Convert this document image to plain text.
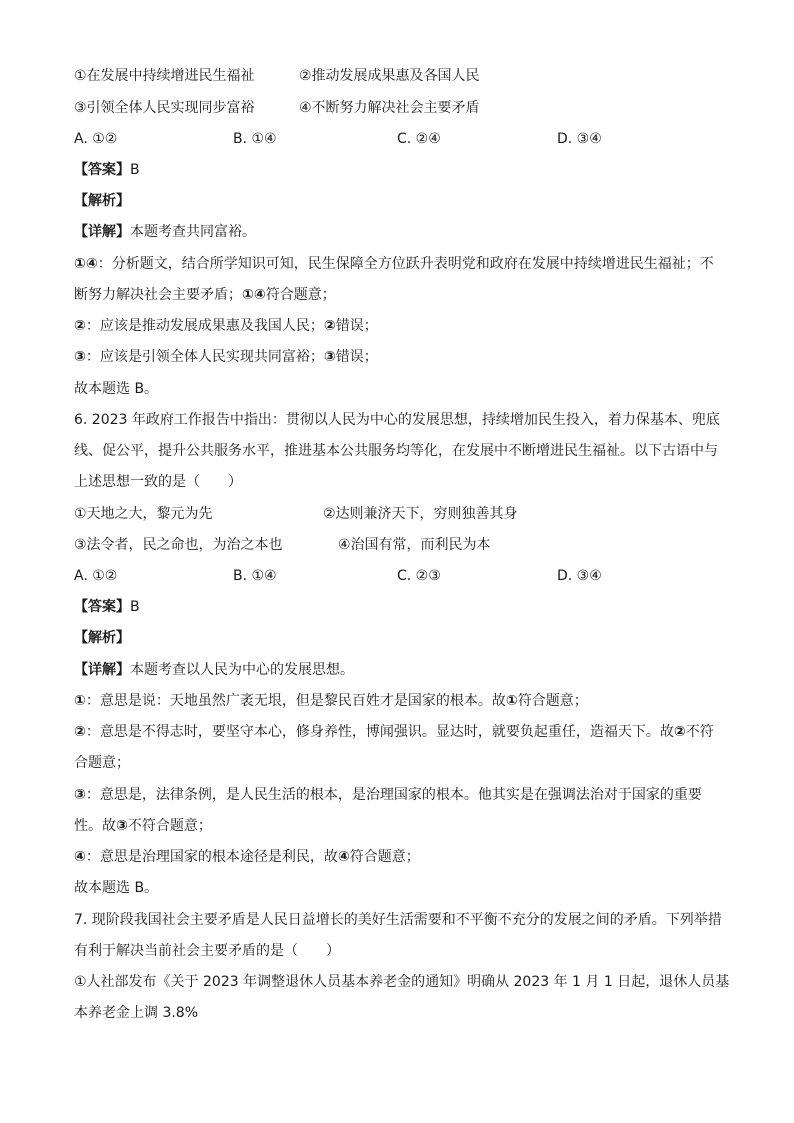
①在发展中持续增进民生福祉	②推动发展成果惠及各国人民
③引领全体人民实现同步富裕	④不断努力解决社会主要矛盾
A. ①②	B. ①④	C. ②④	D. ③④
【答案】B
【解析】
【详解】本题考查共同富裕。
①④：分析题文，结合所学知识可知，民生保障全方位跃升表明党和政府在发展中持续增进民生福祉；不
断努力解决社会主要矛盾；①④符合题意；
②：应该是推动发展成果惠及我国人民；②错误；
③：应该是引领全体人民实现共同富裕；③错误；
故本题选 B。
6. 2023 年政府工作报告中指出：贯彻以人民为中心的发展思想，持续增加民生投入，着力保基本、兜底
线、促公平，提升公共服务水平，推进基本公共服务均等化，在发展中不断增进民生福祉。以下古语中与
上述思想一致的是（　　）
①天地之大，黎元为先	②达则兼济天下，穷则独善其身
③法令者，民之命也，为治之本也	④治国有常，而利民为本
A. ①②	B. ①④	C. ②③	D. ③④
【答案】B
【解析】
【详解】本题考查以人民为中心的发展思想。
①：意思是说：天地虽然广袤无垠，但是黎民百姓才是国家的根本。故①符合题意；
②：意思是不得志时，要坚守本心，修身养性，博闻强识。显达时，就要负起重任，造福天下。故②不符
合题意；
③：意思是，法律条例，是人民生活的根本，是治理国家的根本。他其实是在强调法治对于国家的重要
性。故③不符合题意；
④：意思是治理国家的根本途径是利民，故④符合题意；
故本题选 B。
7. 现阶段我国社会主要矛盾是人民日益增长的美好生活需要和不平衡不充分的发展之间的矛盾。下列举措
有利于解决当前社会主要矛盾的是（　　）
①人社部发布《关于 2023 年调整退休人员基本养老金的通知》明确从 2023 年 1 月 1 日起，退休人员基
本养老金上调 3.8%
